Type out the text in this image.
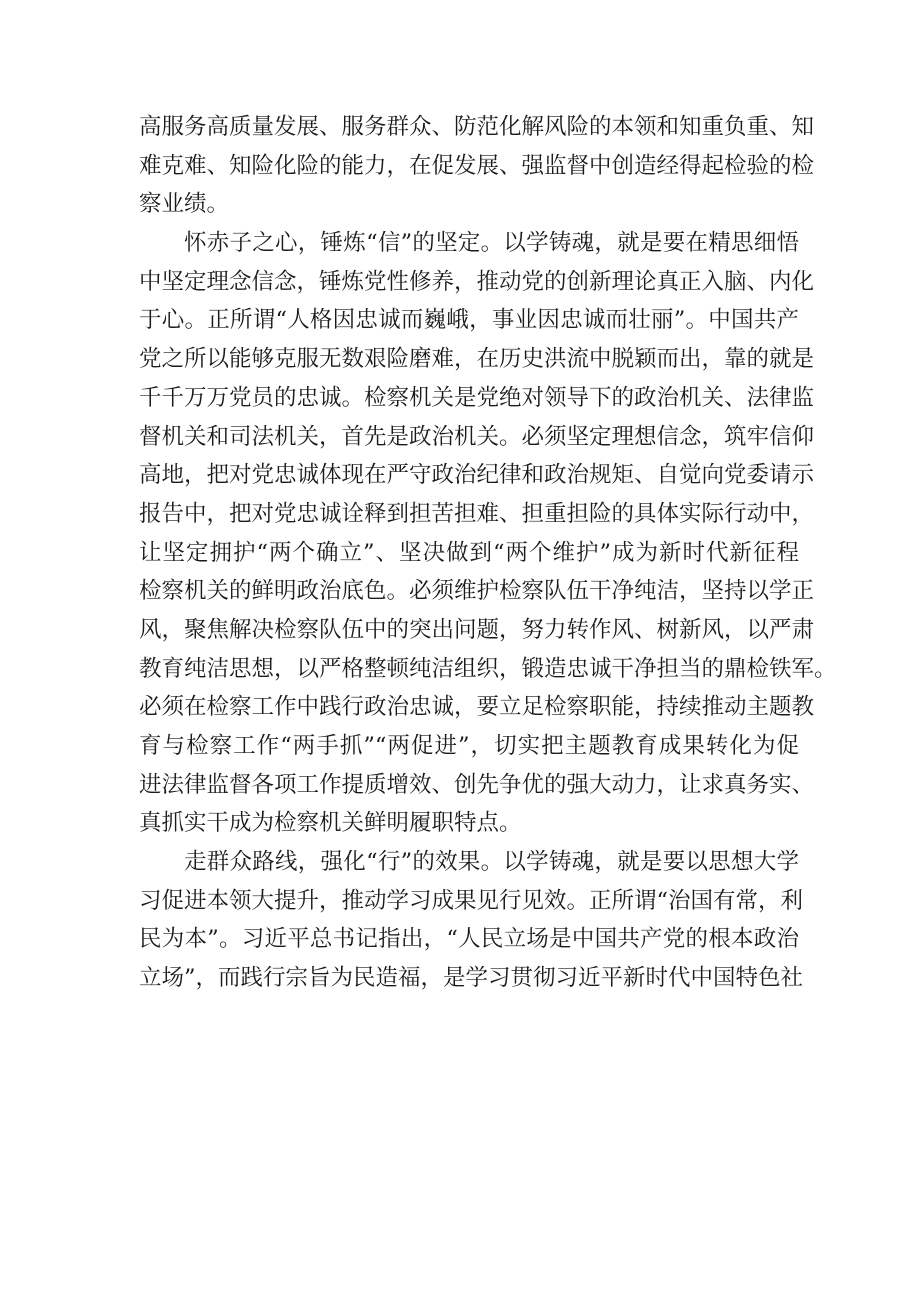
高服务高质量发展、服务群众、防范化解风险的本领和知重负重、知
难克难、知险化险的能力，在促发展、强监督中创造经得起检验的检
察业绩。
怀赤子之心，锤炼“信”的坚定。以学铸魂，就是要在精思细悟
中坚定理念信念，锤炼党性修养，推动党的创新理论真正入脑、内化
于心。正所谓“人格因忠诚而巍峨，事业因忠诚而壮丽”。中国共产
党之所以能够克服无数艰险磨难，在历史洪流中脱颖而出，靠的就是
千千万万党员的忠诚。检察机关是党绝对领导下的政治机关、法律监
督机关和司法机关，首先是政治机关。必须坚定理想信念，筑牢信仰
高地，把对党忠诚体现在严守政治纪律和政治规矩、自觉向党委请示
报告中，把对党忠诚诠释到担苦担难、担重担险的具体实际行动中，
让坚定拥护“两个确立”、坚决做到“两个维护”成为新时代新征程
检察机关的鲜明政治底色。必须维护检察队伍干净纯洁，坚持以学正
风，聚焦解决检察队伍中的突出问题，努力转作风、树新风，以严肃
教育纯洁思想，以严格整顿纯洁组织，锻造忠诚干净担当的鼎检铁军。
必须在检察工作中践行政治忠诚，要立足检察职能，持续推动主题教
育与检察工作“两手抓”“两促进”，切实把主题教育成果转化为促
进法律监督各项工作提质增效、创先争优的强大动力，让求真务实、
真抓实干成为检察机关鲜明履职特点。
走群众路线，强化“行”的效果。以学铸魂，就是要以思想大学
习促进本领大提升，推动学习成果见行见效。正所谓“治国有常，利
民为本”。习近平总书记指出，“人民立场是中国共产党的根本政治
立场”，而践行宗旨为民造福，是学习贯彻习近平新时代中国特色社
